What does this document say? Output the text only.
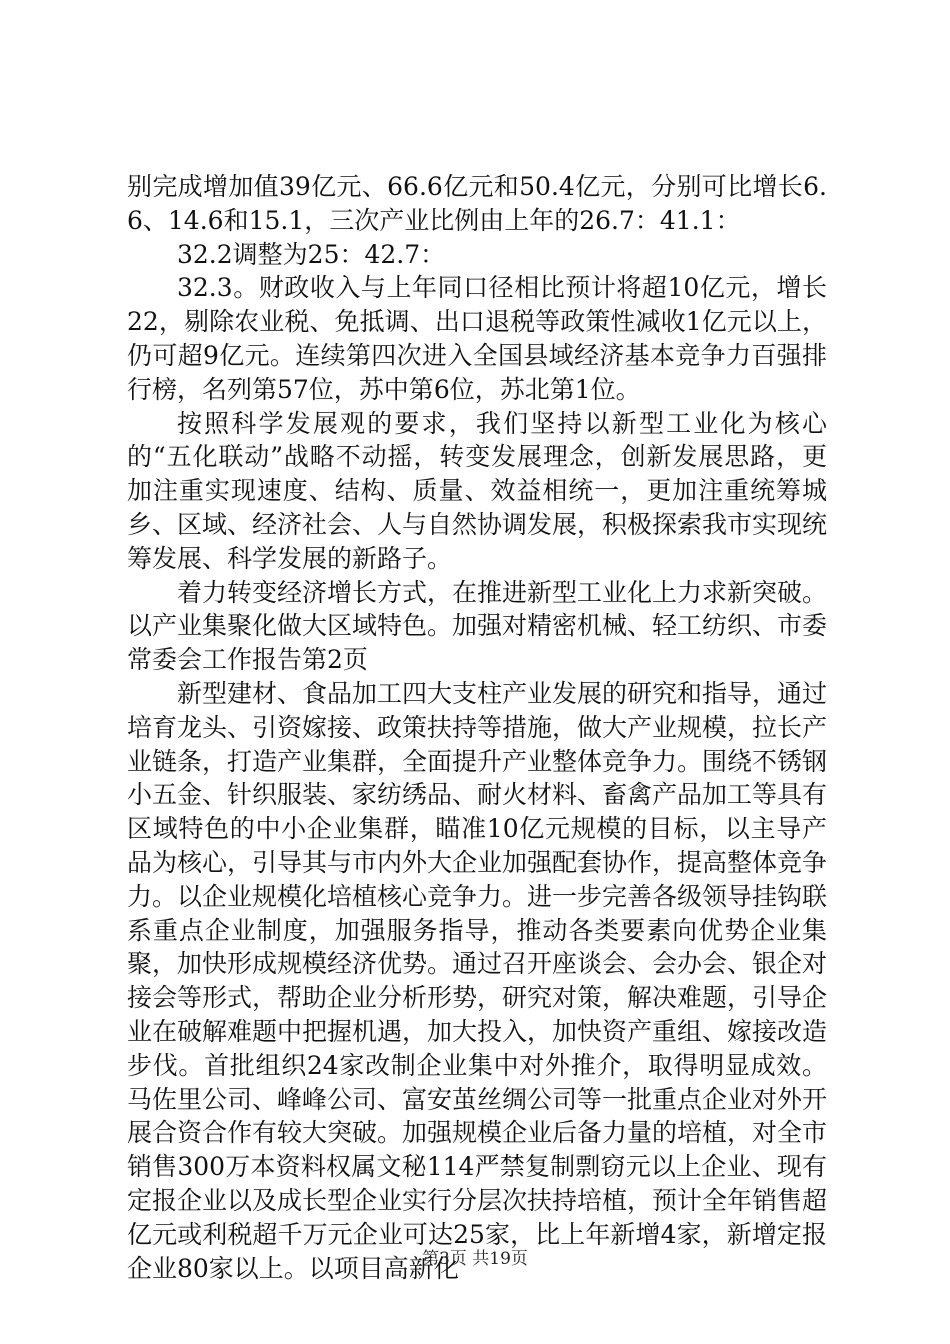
别完成增加值39亿元、66.6亿元和50.4亿元，分别可比增长6.6、14.6和15.1，三次产业比例由上年的26.7：41.1：

32.2调整为25：42.7：

32.3。财政收入与上年同口径相比预计将超10亿元，增长22，剔除农业税、免抵调、出口退税等政策性减收1亿元以上，仍可超9亿元。连续第四次进入全国县域经济基本竞争力百强排行榜，名列第57位，苏中第6位，苏北第1位。

按照科学发展观的要求，我们坚持以新型工业化为核心的“五化联动”战略不动摇，转变发展理念，创新发展思路，更加注重实现速度、结构、质量、效益相统一，更加注重统筹城乡、区域、经济社会、人与自然协调发展，积极探索我市实现统筹发展、科学发展的新路子。

着力转变经济增长方式，在推进新型工业化上力求新突破。以产业集聚化做大区域特色。加强对精密机械、轻工纺织、市委常委会工作报告第2页

新型建材、食品加工四大支柱产业发展的研究和指导，通过培育龙头、引资嫁接、政策扶持等措施，做大产业规模，拉长产业链条，打造产业集群，全面提升产业整体竞争力。围绕不锈钢小五金、针织服装、家纺绣品、耐火材料、畜禽产品加工等具有区域特色的中小企业集群，瞄准10亿元规模的目标，以主导产品为核心，引导其与市内外大企业加强配套协作，提高整体竞争力。以企业规模化培植核心竞争力。进一步完善各级领导挂钩联系重点企业制度，加强服务指导，推动各类要素向优势企业集聚，加快形成规模经济优势。通过召开座谈会、会办会、银企对接会等形式，帮助企业分析形势，研究对策，解决难题，引导企业在破解难题中把握机遇，加大投入，加快资产重组、嫁接改造步伐。首批组织24家改制企业集中对外推介，取得明显成效。马佐里公司、峰峰公司、富安茧丝绸公司等一批重点企业对外开展合资合作有较大突破。加强规模企业后备力量的培植，对全市销售300万本资料权属文秘114严禁复制剽窃元以上企业、现有定报企业以及成长型企业实行分层次扶持培植，预计全年销售超亿元或利税超千万元企业可达25家，比上年新增4家，新增定报企业80家以上。以项目高新化

第3页 共19页
